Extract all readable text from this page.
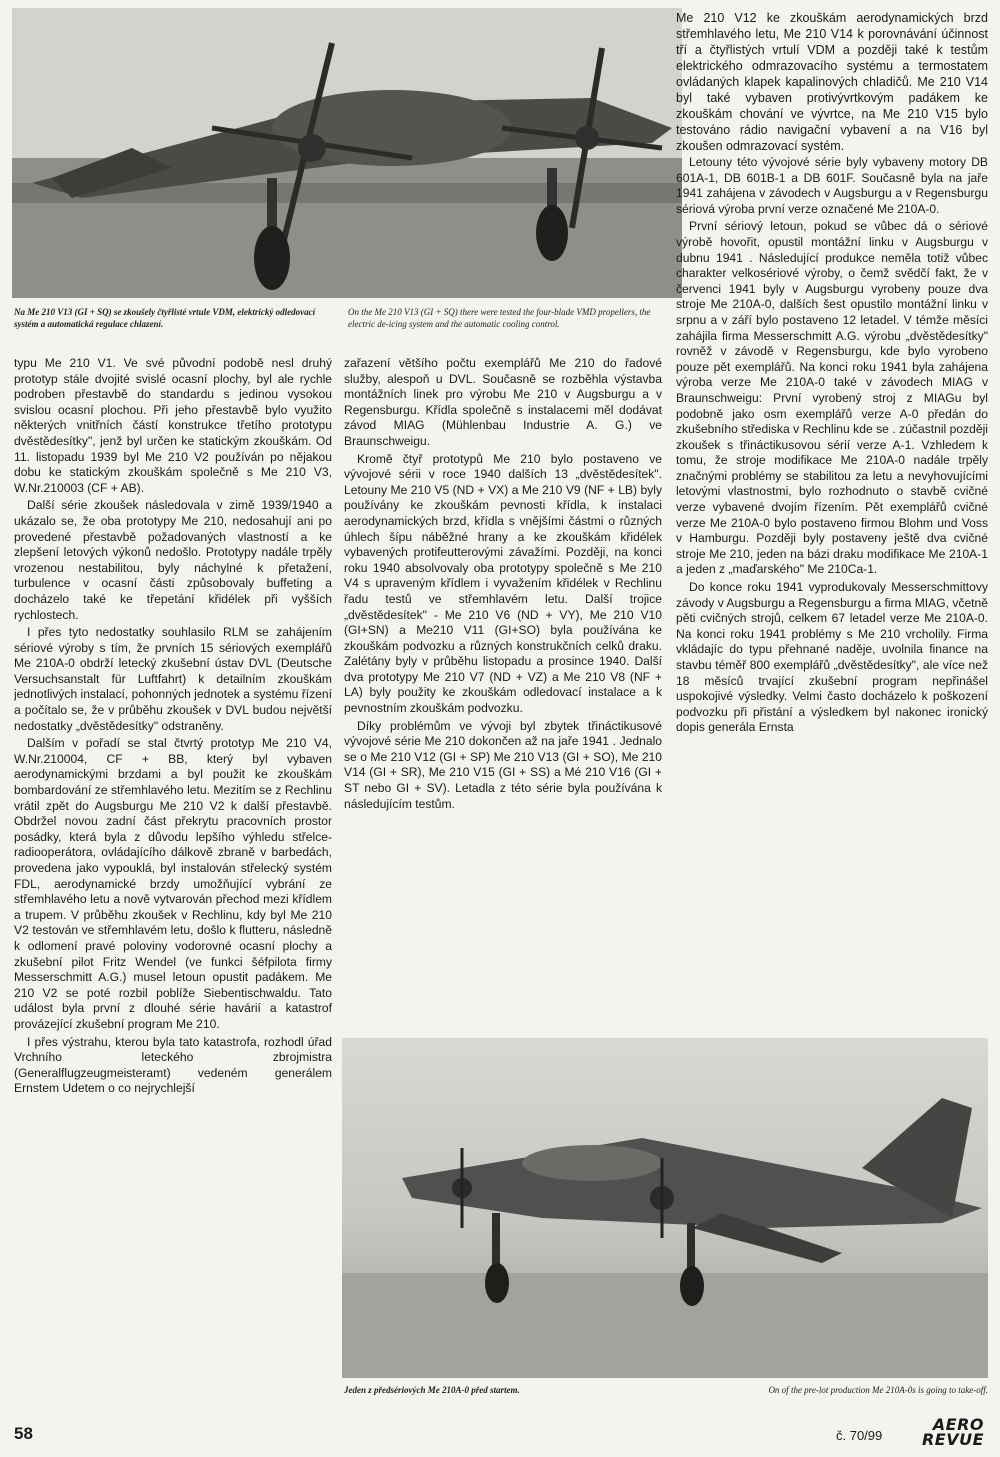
Na Me 210 V13 (GI + SQ) se zkoušely čtyřlisté vrtule VDM, elektrický odledovací systém a automatická regulace chlazení.

On the Me 210 V13 (GI + SQ) there were tested the four-blade VMD propellers, the electric de-icing system and the automatic cooling control.

typu Me 210 V1. Ve své původní podobě nesl druhý prototyp stále dvojité svislé ocasní plochy, byl ale rychle podroben přestavbě do standardu s jedinou vysokou svislou ocasní plochou. Při jeho přestavbě bylo využito některých vnitřních částí konstrukce třetího prototypu dvěstědesítky", jenž byl určen ke statickým zkouškám. Od 11. listopadu 1939 byl Me 210 V2 používán po nějakou dobu ke statickým zkouškám společně s Me 210 V3, W.Nr.210003 (CF + AB).

Další série zkoušek následovala v zimě 1939/1940 a ukázalo se, že oba prototypy Me 210, nedosahují ani po provedené přestavbě požadovaných vlastností a ke zlepšení letových výkonů nedošlo. Prototypy nadále trpěly vrozenou nestabilitou, byly náchylné k přetažení, turbulence v ocasní části způsobovaly buffeting a docházelo také ke třepetání křidélek při vyšších rychlostech.

I přes tyto nedostatky souhlasilo RLM se zahájením sériové výroby s tím, že prvních 15 sériových exemplářů Me 210A-0 obdrží letecký zkušební ústav DVL (Deutsche Versuchsanstalt für Luftfahrt) k detailním zkouškám jednotlivých instalací, pohonných jednotek a systému řízení a počítalo se, že v průběhu zkoušek v DVL budou největší nedostatky „dvěstědesítky" odstraněny.

Dalším v pořadí se stal čtvrtý prototyp Me 210 V4, W.Nr.210004, CF + BB, který byl vybaven aerodynamickými brzdami a byl použit ke zkouškám bombardování ze střemhlavého letu. Mezitím se z Rechlinu vrátil zpět do Augsburgu Me 210 V2 k další přestavbě. Obdržel novou zadní část překrytu pracovních prostor posádky, která byla z důvodu lepšího výhledu střelce-radiooperátora, ovládajícího dálkově zbraně v barbedách, provedena jako vypouklá, byl instalován střelecký systém FDL, aerodynamické brzdy umožňující vybrání ze střemhlavého letu a nově vytvarován přechod mezi křídlem a trupem. V průběhu zkoušek v Rechlinu, kdy byl Me 210 V2 testován ve střemhlavém letu, došlo k flutteru, následně k odlomení pravé poloviny vodorovné ocasní plochy a zkušební pilot Fritz Wendel (ve funkci šéfpilota firmy Messerschmitt A.G.) musel letoun opustit padákem. Me 210 V2 se poté rozbil poblíže Siebentischwaldu. Tato událost byla první z dlouhé série havárií a katastrof provázející zkušební program Me 210.

I přes výstrahu, kterou byla tato katastrofa, rozhodl úřad Vrchního leteckého zbrojmistra (Generalflugzeugmeisteramt) vedeném generálem Ernstem Udetem o co nejrychlejší

zařazení většího počtu exemplářů Me 210 do řadové služby, alespoň u DVL. Současně se rozběhla výstavba montážních linek pro výrobu Me 210 v Augsburgu a v Regensburgu. Křídla společně s instalacemi měl dodávat závod MIAG (Mühlenbau Industrie A. G.) ve Braunschweigu.

Kromě čtyř prototypů Me 210 bylo postaveno ve vývojové sérii v roce 1940 dalších 13 „dvěstědesítek". Letouny Me 210 V5 (ND + VX) a Me 210 V9 (NF + LB) byly používány ke zkouškám pevnosti křídla, k instalaci aerodynamických brzd, křídla s vnějšími částmi o různých úhlech šípu náběžné hrany a ke zkouškám křidélek vybavených protifeutterovými závažími. Později, na konci roku 1940 absolvovaly oba prototypy společně s Me 210 V4 s upraveným křídlem i vyvažením křidélek v Rechlinu řadu testů ve střemhlavém letu. Další trojice „dvěstědesítek" - Me 210 V6 (ND + VY), Me 210 V10 (GI+SN) a Me210 V11 (GI+SO) byla používána ke zkouškám podvozku a různých konstrukčních celků draku. Zalétány byly v průběhu listopadu a prosince 1940. Další dva prototypy Me 210 V7 (ND + VZ) a Me 210 V8 (NF + LA) byly použity ke zkouškám odledovací instalace a k pevnostním zkouškám podvozku.

Díky problémům ve vývoji byl zbytek třináctikusové vývojové série Me 210 dokončen až na jaře 1941 . Jednalo se o Me 210 V12 (GI + SP) Me 210 V13 (GI + SO), Me 210 V14 (GI + SR), Me 210 V15 (GI + SS) a Mé 210 V16 (GI + ST nebo GI + SV). Letadla z této série byla používána k následujícím testům.

Me 210 V12 ke zkouškám aerodynamických brzd střemhlavého letu, Me 210 V14 k porovnávání účinnost tří a čtyřlistých vrtulí VDM a později také k testům elektrického odmrazovacího systému a termostatem ovládaných klapek kapalinových chladičů. Me 210 V14 byl také vybaven protivývrtkovým padákem ke zkouškám chování ve vývrtce, na Me 210 V15 bylo testováno rádio navigační vybavení a na V16 byl zkoušen odmrazovací systém.

Letouny této vývojové série byly vybaveny motory DB 601A-1, DB 601B-1 a DB 601F. Současně byla na jaře 1941 zahájena v závodech v Augsburgu a v Regensburgu sériová výroba první verze označené Me 210A-0.

První sériový letoun, pokud se vůbec dá o sériové výrobě hovořit, opustil montážní linku v Augsburgu v dubnu 1941 . Následující produkce neměla totiž vůbec charakter velkosériové výroby, o čemž svědčí fakt, že v červenci 1941 byly v Augsburgu vyrobeny pouze dva stroje Me 210A-0, dalších šest opustilo montážní linku v srpnu a v září bylo postaveno 12 letadel. V témže měsíci zahájila firma Messerschmitt A.G. výrobu „dvěstědesítky" rovněž v závodě v Regensburgu, kde bylo vyrobeno pouze pět exemplářů. Na konci roku 1941 byla zahájena výroba verze Me 210A-0 také v závodech MIAG v Braunschweigu: První vyrobený stroj z MIAGu byl podobně jako osm exemplářů verze A-0 předán do zkušebního střediska v Rechlinu kde se . zúčastnil později zkoušek s třináctikusovou sérií verze A-1. Vzhledem k tomu, že stroje modifikace Me 210A-0 nadále trpěly značnými problémy se stabilitou za letu a nevyhovujícími letovými vlastnostmi, bylo rozhodnuto o stavbě cvičné verze vybavené dvojím řízením. Pět exemplářů cvičné verze Me 210A-0 bylo postaveno firmou Blohm und Voss v Hamburgu. Později byly postaveny ještě dva cvičné stroje Me 210, jeden na bázi draku modifikace Me 210A-1 a jeden z „maďarského" Me 210Ca-1.

Do konce roku 1941 vyprodukovaly Messerschmittovy závody v Augsburgu a Regensburgu a firma MIAG, včetně pěti cvičných strojů, celkem 67 letadel verze Me 210A-0. Na konci roku 1941 problémy s Me 210 vrcholily. Firma vkládajíc do typu přehnané naděje, uvolnila finance na stavbu téměř 800 exemplářů „dvěstědesítky", ale více než 18 měsíců trvající zkušební program nepřinášel uspokojivé výsledky. Velmi často docházelo k poškození podvozku při přistání a výsledkem byl nakonec ironický dopis generála Ernsta

Jeden z předsériových Me 210A-0 před startem.	On of the pre-lot production Me 210A-0s is going to take-off.

58	č. 70/99
AERO
REVUE
